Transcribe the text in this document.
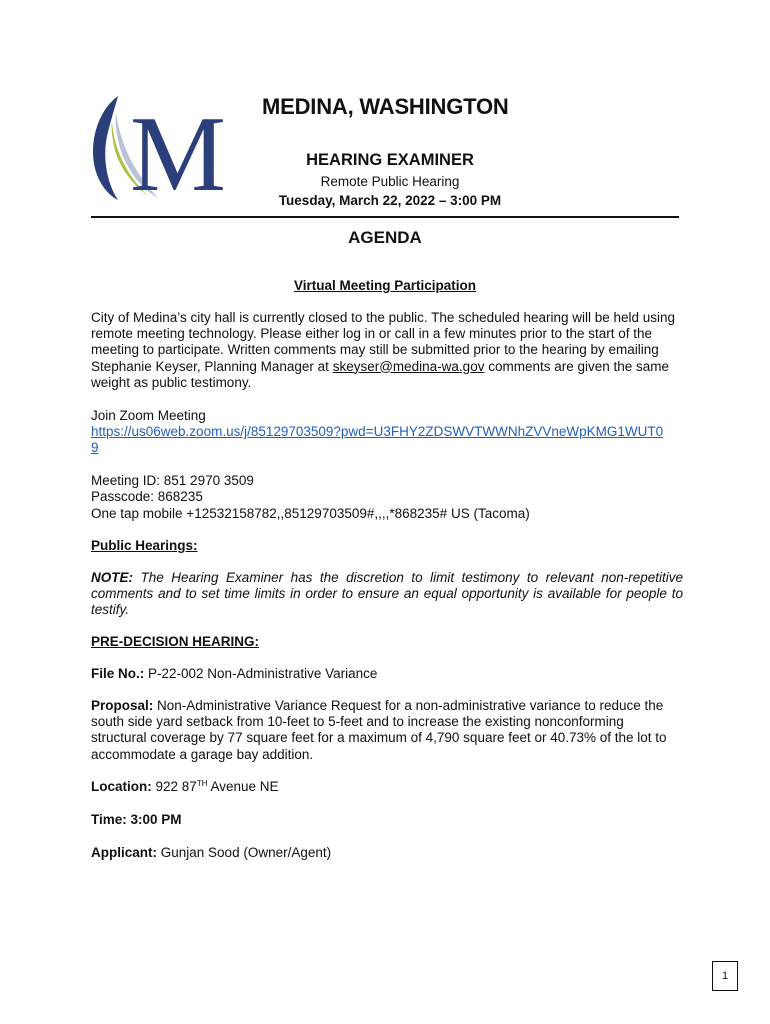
M MEDINA, WASHINGTON
HEARING EXAMINER
Remote Public Hearing
Tuesday, March 22, 2022 – 3:00 PM
AGENDA
Virtual Meeting Participation
City of Medina’s city hall is currently closed to the public. The scheduled hearing will be held using remote meeting technology. Please either log in or call in a few minutes prior to the start of the meeting to participate. Written comments may still be submitted prior to the hearing by emailing Stephanie Keyser, Planning Manager at skeyser@medina-wa.gov comments are given the same weight as public testimony.
Join Zoom Meeting
https://us06web.zoom.us/j/85129703509?pwd=U3FHY2ZDSWVTWWNhZVVneWpKMG1WUT0
9
Meeting ID: 851 2970 3509
Passcode: 868235
One tap mobile +12532158782,,85129703509#,,,,*868235# US (Tacoma)
Public Hearings:
NOTE: The Hearing Examiner has the discretion to limit testimony to relevant non-repetitive comments and to set time limits in order to ensure an equal opportunity is available for people to testify.
PRE-DECISION HEARING:
File No.: P-22-002 Non-Administrative Variance
Proposal: Non-Administrative Variance Request for a non-administrative variance to reduce the south side yard setback from 10-feet to 5-feet and to increase the existing nonconforming structural coverage by 77 square feet for a maximum of 4,790 square feet or 40.73% of the lot to accommodate a garage bay addition.
Location: 922 87TH Avenue NE
Time: 3:00 PM
Applicant: Gunjan Sood (Owner/Agent)
1
